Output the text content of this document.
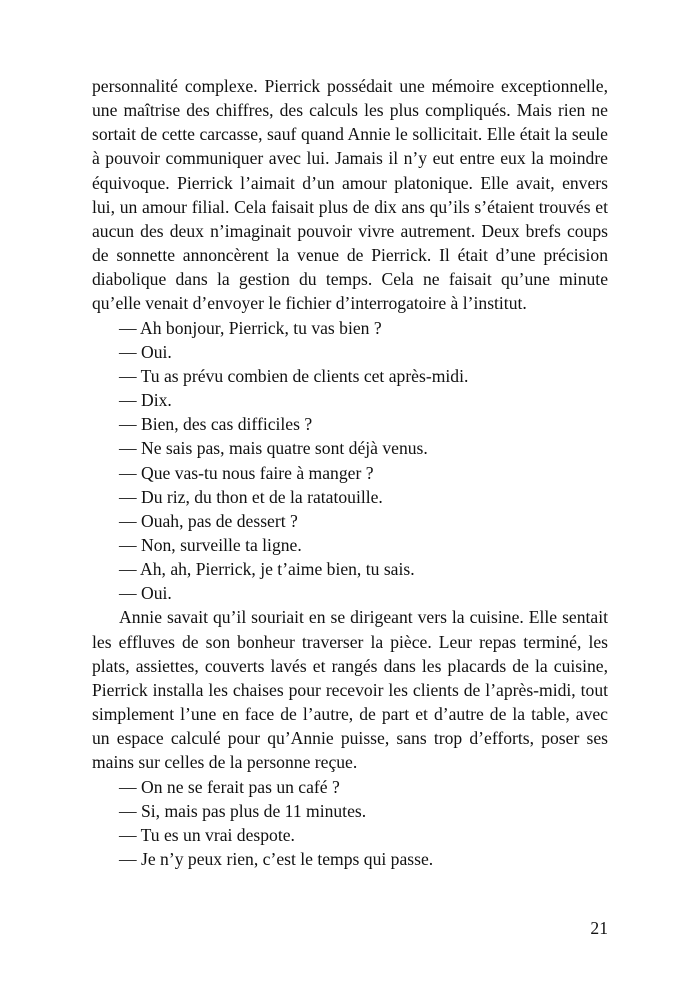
personnalité complexe. Pierrick possédait une mémoire exceptionnelle, une maîtrise des chiffres, des calculs les plus compliqués. Mais rien ne sortait de cette carcasse, sauf quand Annie le sollicitait. Elle était la seule à pouvoir communiquer avec lui. Jamais il n’y eut entre eux la moindre équivoque. Pierrick l’aimait d’un amour platonique. Elle avait, envers lui, un amour filial. Cela faisait plus de dix ans qu’ils s’étaient trouvés et aucun des deux n’imaginait pouvoir vivre autrement. Deux brefs coups de sonnette annoncèrent la venue de Pierrick. Il était d’une précision diabolique dans la gestion du temps. Cela ne faisait qu’une minute qu’elle venait d’envoyer le fichier d’interrogatoire à l’institut.

— Ah bonjour, Pierrick, tu vas bien ?

— Oui.

— Tu as prévu combien de clients cet après-midi.

— Dix.

— Bien, des cas difficiles ?

— Ne sais pas, mais quatre sont déjà venus.

— Que vas-tu nous faire à manger ?

— Du riz, du thon et de la ratatouille.

— Ouah, pas de dessert ?

— Non, surveille ta ligne.

— Ah, ah, Pierrick, je t’aime bien, tu sais.

— Oui.

Annie savait qu’il souriait en se dirigeant vers la cuisine. Elle sentait les effluves de son bonheur traverser la pièce. Leur repas terminé, les plats, assiettes, couverts lavés et rangés dans les placards de la cuisine, Pierrick installa les chaises pour recevoir les clients de l’après-midi, tout simplement l’une en face de l’autre, de part et d’autre de la table, avec un espace calculé pour qu’Annie puisse, sans trop d’efforts, poser ses mains sur celles de la personne reçue.

— On ne se ferait pas un café ?

— Si, mais pas plus de 11 minutes.

— Tu es un vrai despote.

— Je n’y peux rien, c’est le temps qui passe.

21
